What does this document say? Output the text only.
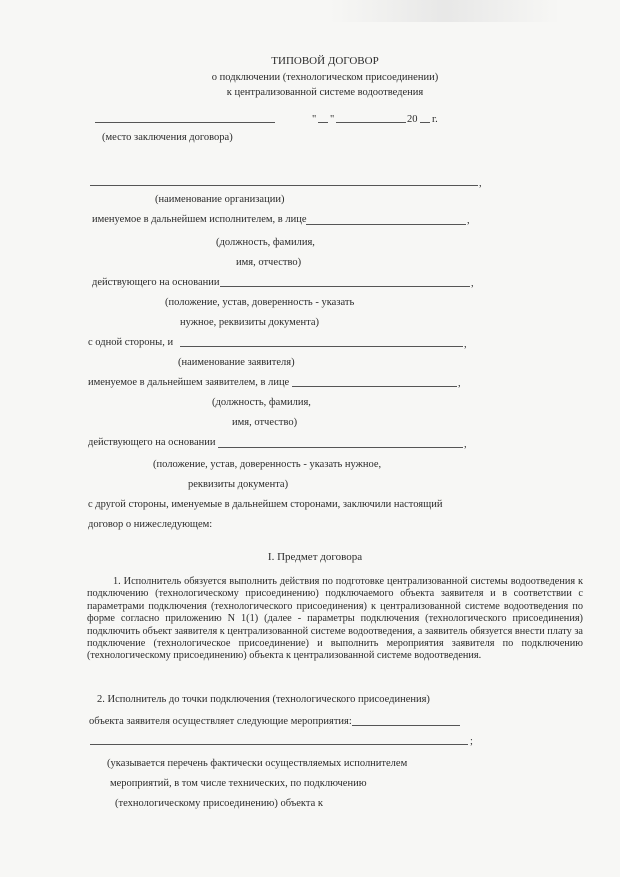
ТИПОВОЙ ДОГОВОР
о подключении (технологическом присоединении)
к централизованной системе водоотведения
" "	20 г.
(место заключения договора)
,
(наименование организации)
именуемое в дальнейшем исполнителем, в лице	,
(должность, фамилия,
имя, отчество)
действующего на основании	,
(положение, устав, доверенность - указать
нужное, реквизиты документа)
с одной стороны, и	,
(наименование заявителя)
именуемое в дальнейшем заявителем, в лице	,
(должность, фамилия,
имя, отчество)
действующего на основании	,
(положение, устав, доверенность - указать нужное,
реквизиты документа)
с другой стороны, именуемые в дальнейшем сторонами, заключили настоящий
договор о нижеследующем:
I. Предмет договора
1. Исполнитель обязуется выполнить действия по подготовке централизованной системы водоотведения к подключению (технологическому присоединению) подключаемого объекта заявителя и в соответствии с параметрами подключения (технологического присоединения) к централизованной системе водоотведения по форме согласно приложению N 1(1) (далее - параметры подключения (технологического присоединения) подключить объект заявителя к централизованной системе водоотведения, а заявитель обязуется внести плату за подключение (технологическое присоединение) и выполнить мероприятия заявителя по подключению (технологическому присоединению) объекта к централизованной системе водоотведения.
2. Исполнитель до точки подключения (технологического присоединения)
объекта заявителя осуществляет следующие мероприятия:
;
(указывается перечень фактически осуществляемых исполнителем
мероприятий, в том числе технических, по подключению
(технологическому присоединению) объекта к
